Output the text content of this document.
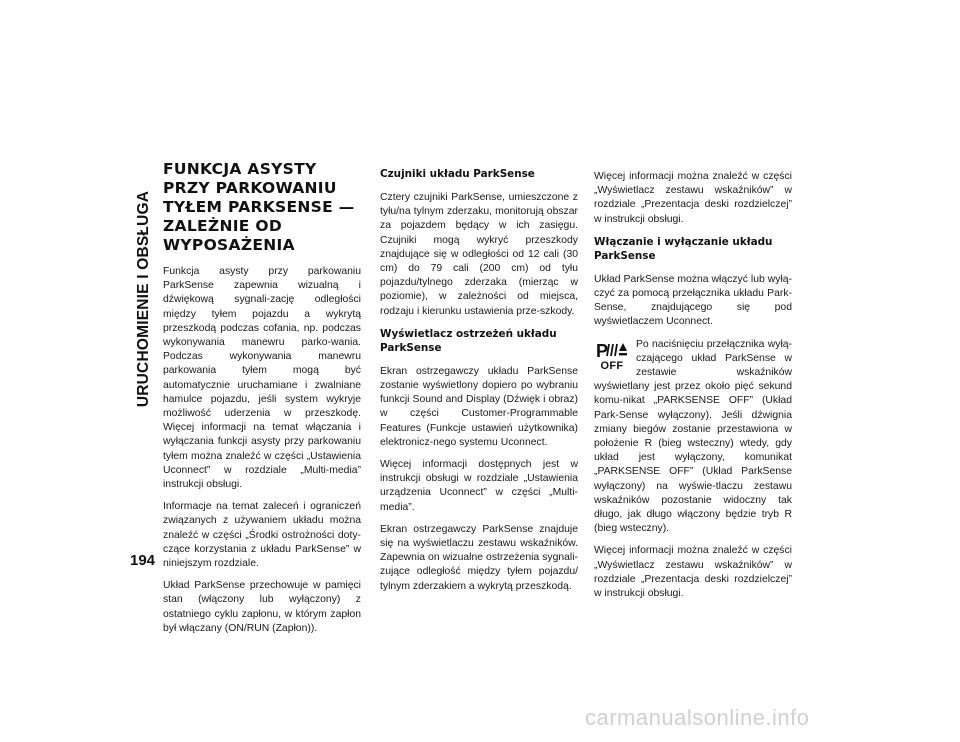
URUCHOMIENIE I OBSŁUGA
194
FUNKCJA ASYSTY PRZY PARKOWANIU TYŁEM PARKSENSE — ZALEŻNIE OD WYPOSAŻENIA

Funkcja asysty przy parkowaniu ParkSense zapewnia wizualną i dźwiękową sygnali-zację odległości między tyłem pojazdu a wykrytą przeszkodą podczas cofania, np. podczas wykonywania manewru parko-wania. Podczas wykonywania manewru parkowania tyłem mogą być automatycznie uruchamiane i zwalniane hamulce pojazdu, jeśli system wykryje możliwość uderzenia w przeszkodę. Więcej informacji na temat włączania i wyłączania funkcji asysty przy parkowaniu tyłem można znaleźć w części „Ustawienia Uconnect” w rozdziale „Multi-media” instrukcji obsługi.

Informacje na temat zaleceń i ograniczeń związanych z używaniem układu można znaleźć w części „Środki ostrożności doty-czące korzystania z układu ParkSense” w niniejszym rozdziale.

Układ ParkSense przechowuje w pamięci stan (włączony lub wyłączony) z ostatniego cyklu zapłonu, w którym zapłon był włączany (ON/RUN (Zapłon)).

Czujniki układu ParkSense

Cztery czujniki ParkSense, umieszczone z tyłu/na tylnym zderzaku, monitorują obszar za pojazdem będący w ich zasięgu. Czujniki mogą wykryć przeszkody znajdujące się w odległości od 12 cali (30 cm) do 79 cali (200 cm) od tyłu pojazdu/tylnego zderzaka (mierząc w poziomie), w zależności od miejsca, rodzaju i kierunku ustawienia prze-szkody.

Wyświetlacz ostrzeżeń układu ParkSense

Ekran ostrzegawczy układu ParkSense zostanie wyświetlony dopiero po wybraniu funkcji Sound and Display (Dźwięk i obraz) w części Customer-Programmable Features (Funkcje ustawień użytkownika) elektronicz-nego systemu Uconnect.

Więcej informacji dostępnych jest w instrukcji obsługi w rozdziale „Ustawienia urządzenia Uconnect” w części „Multi-media”.

Ekran ostrzegawczy ParkSense znajduje się na wyświetlaczu zestawu wskaźników. Zapewnia on wizualne ostrzeżenia sygnali-zujące odległość między tyłem pojazdu/ tylnym zderzakiem a wykrytą przeszkodą.

Więcej informacji można znaleźć w części „Wyświetlacz zestawu wskaźników” w rozdziale „Prezentacja deski rozdzielczej” w instrukcji obsługi.

Włączanie i wyłączanie układu ParkSense

Układ ParkSense można włączyć lub wyłą-czyć za pomocą przełącznika układu Park-Sense, znajdującego się pod wyświetlaczem Uconnect.

P
OFF

Po naciśnięciu przełącznika wyłą-czającego układ ParkSense w zestawie wskaźników wyświetlany jest przez około pięć sekund komu-nikat „PARKSENSE OFF” (Układ Park-Sense wyłączony). Jeśli dźwignia zmiany biegów zostanie przestawiona w położenie R (bieg wsteczny) wtedy, gdy układ jest wyłączony, komunikat „PARKSENSE OFF” (Układ ParkSense wyłączony) na wyświe-tlaczu zestawu wskaźników pozostanie widoczny tak długo, jak długo włączony będzie tryb R (bieg wsteczny).

Więcej informacji można znaleźć w części „Wyświetlacz zestawu wskaźników” w rozdziale „Prezentacja deski rozdzielczej” w instrukcji obsługi.

carmanualsonline.info
